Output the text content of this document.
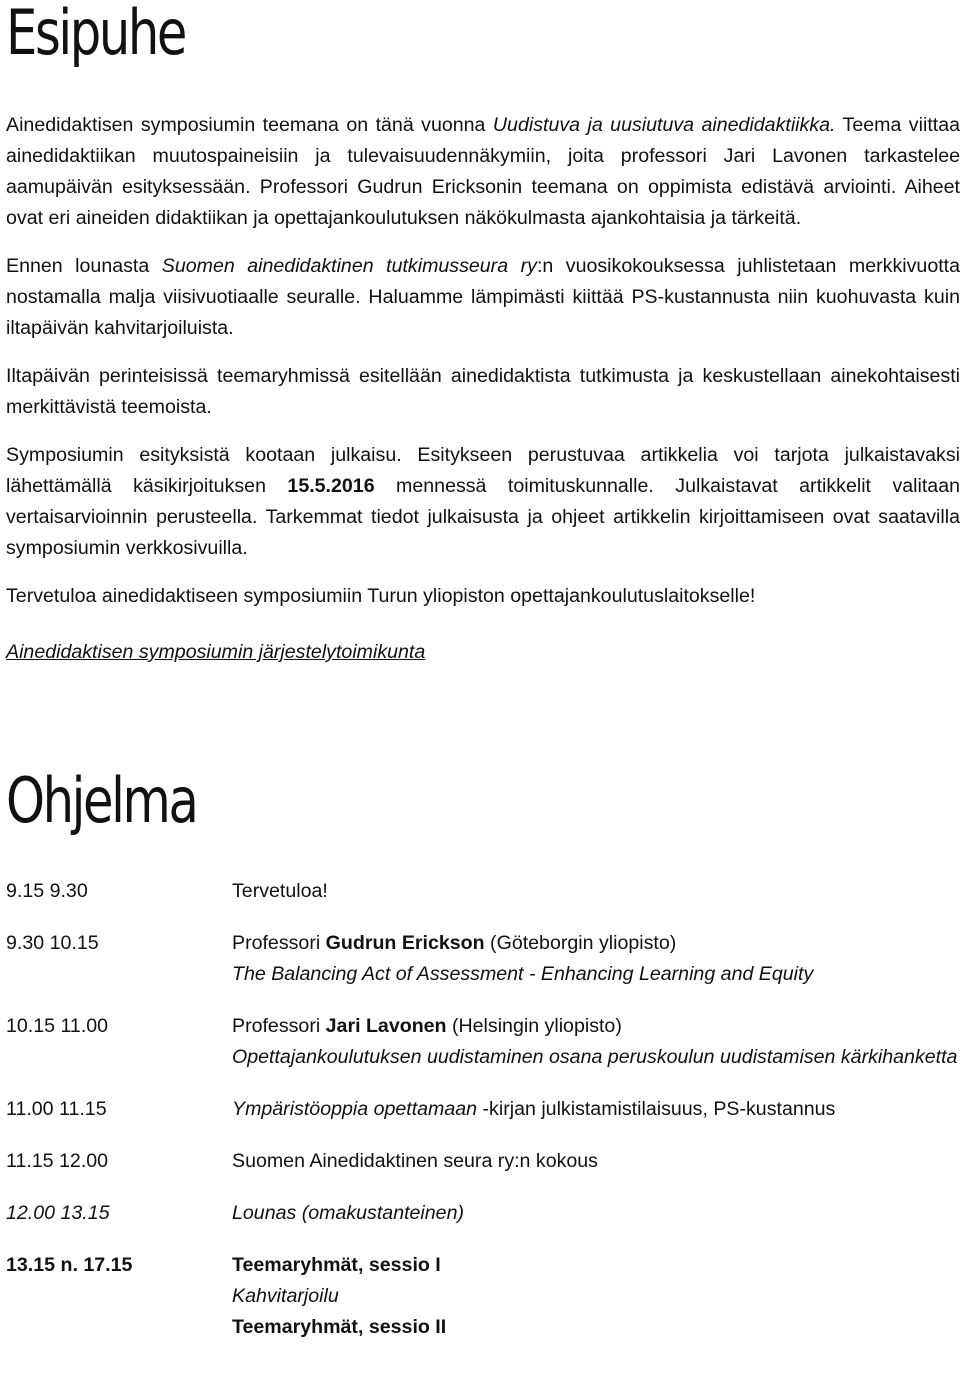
Esipuhe

Ainedidaktisen symposiumin teemana on tänä vuonna Uudistuva ja uusiutuva ainedidaktiikka. Teema viittaa ainedidaktiikan muutospaineisiin ja tulevaisuudennäkymiin, joita professori Jari Lavonen tarkastelee aamupäivän esityksessään. Professori Gudrun Ericksonin teemana on oppimista edistävä arviointi. Aiheet ovat eri aineiden didaktiikan ja opettajankoulutuksen näkökulmasta ajankohtaisia ja tärkeitä.

Ennen lounasta Suomen ainedidaktinen tutkimusseura ry:n vuosikokouksessa juhlistetaan merkkivuotta nostamalla malja viisivuotiaalle seuralle. Haluamme lämpimästi kiittää PS-kustannusta niin kuohuvasta kuin iltapäivän kahvitarjoiluista.

Iltapäivän perinteisissä teemaryhmissä esitellään ainedidaktista tutkimusta ja keskustellaan ainekohtaisesti merkittävistä teemoista.

Symposiumin esityksistä kootaan julkaisu. Esitykseen perustuvaa artikkelia voi tarjota julkaistavaksi lähettämällä käsikirjoituksen 15.5.2016 mennessä toimituskunnalle. Julkaistavat artikkelit valitaan vertaisarvioinnin perusteella. Tarkemmat tiedot julkaisusta ja ohjeet artikkelin kirjoittamiseen ovat saatavilla symposiumin verkkosivuilla.

Tervetuloa ainedidaktiseen symposiumiin Turun yliopiston opettajankoulutuslaitokselle!

Ainedidaktisen symposiumin järjestelytoimikunta
Ohjelma
9.15 9.30	Tervetuloa!
9.30 10.15	Professori Gudrun Erickson (Göteborgin yliopisto)
The Balancing Act of Assessment - Enhancing Learning and Equity
10.15 11.00	Professori Jari Lavonen (Helsingin yliopisto)
Opettajankoulutuksen uudistaminen osana peruskoulun uudistamisen kärkihanketta
11.00 11.15	Ympäristöoppia opettamaan -kirjan julkistamistilaisuus, PS-kustannus
11.15 12.00	Suomen Ainedidaktinen seura ry:n kokous
12.00 13.15	Lounas (omakustanteinen)
13.15 n. 17.15	Teemaryhmät, sessio I
Kahvitarjoilu
Teemaryhmät, sessio II
